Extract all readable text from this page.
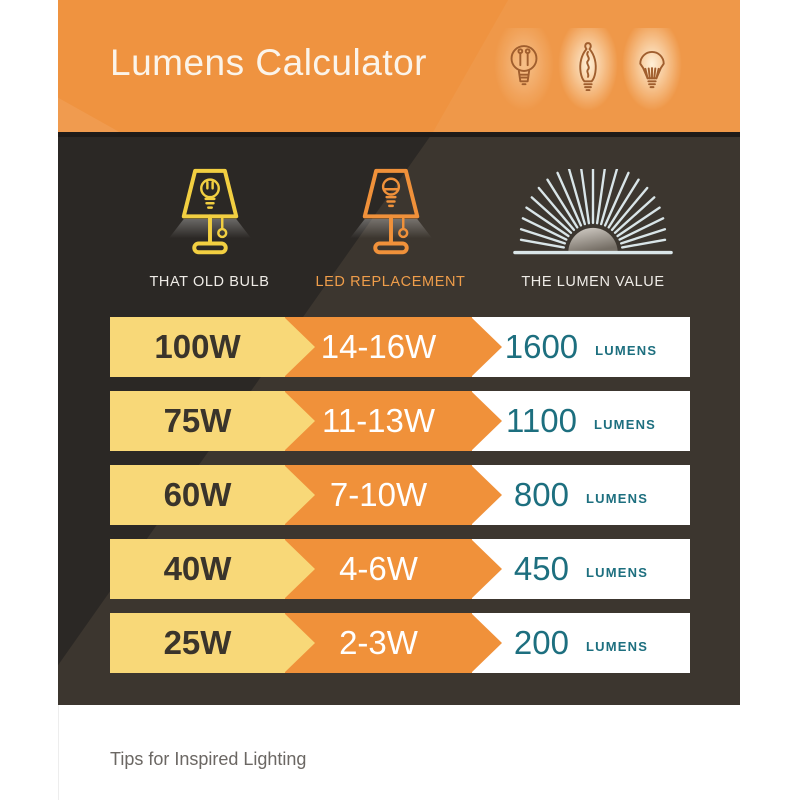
Lumens Calculator
THAT OLD BULB	LED REPLACEMENT	THE LUMEN VALUE
100W 14-16W 1600 LUMENS
75W	11-13W 1100 LUMENS
60W	7-10W	800 LUMENS
40W	4-6W	450 LUMENS
25W	2-3W	200 LUMENS
Tips for Inspired Lighting
